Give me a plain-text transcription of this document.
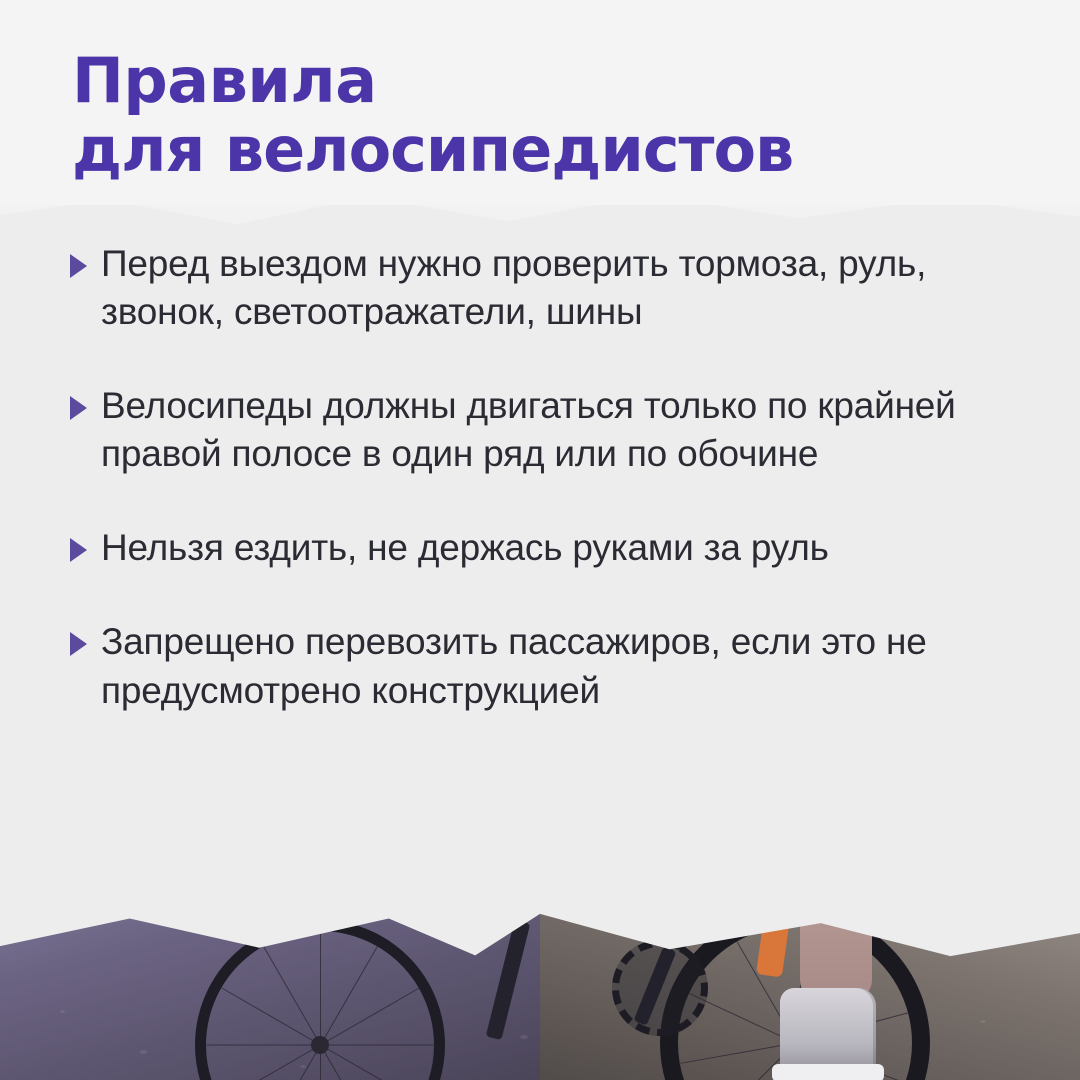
Правила
для велосипедистов
Перед выездом нужно проверить тормоза, руль, звонок, светоотражатели, шины
Велосипеды должны двигаться только по крайней правой полосе в один ряд или по обочине
Нельзя ездить, не держась руками за руль
Запрещено перевозить пассажиров, если это не предусмотрено конструкцией
